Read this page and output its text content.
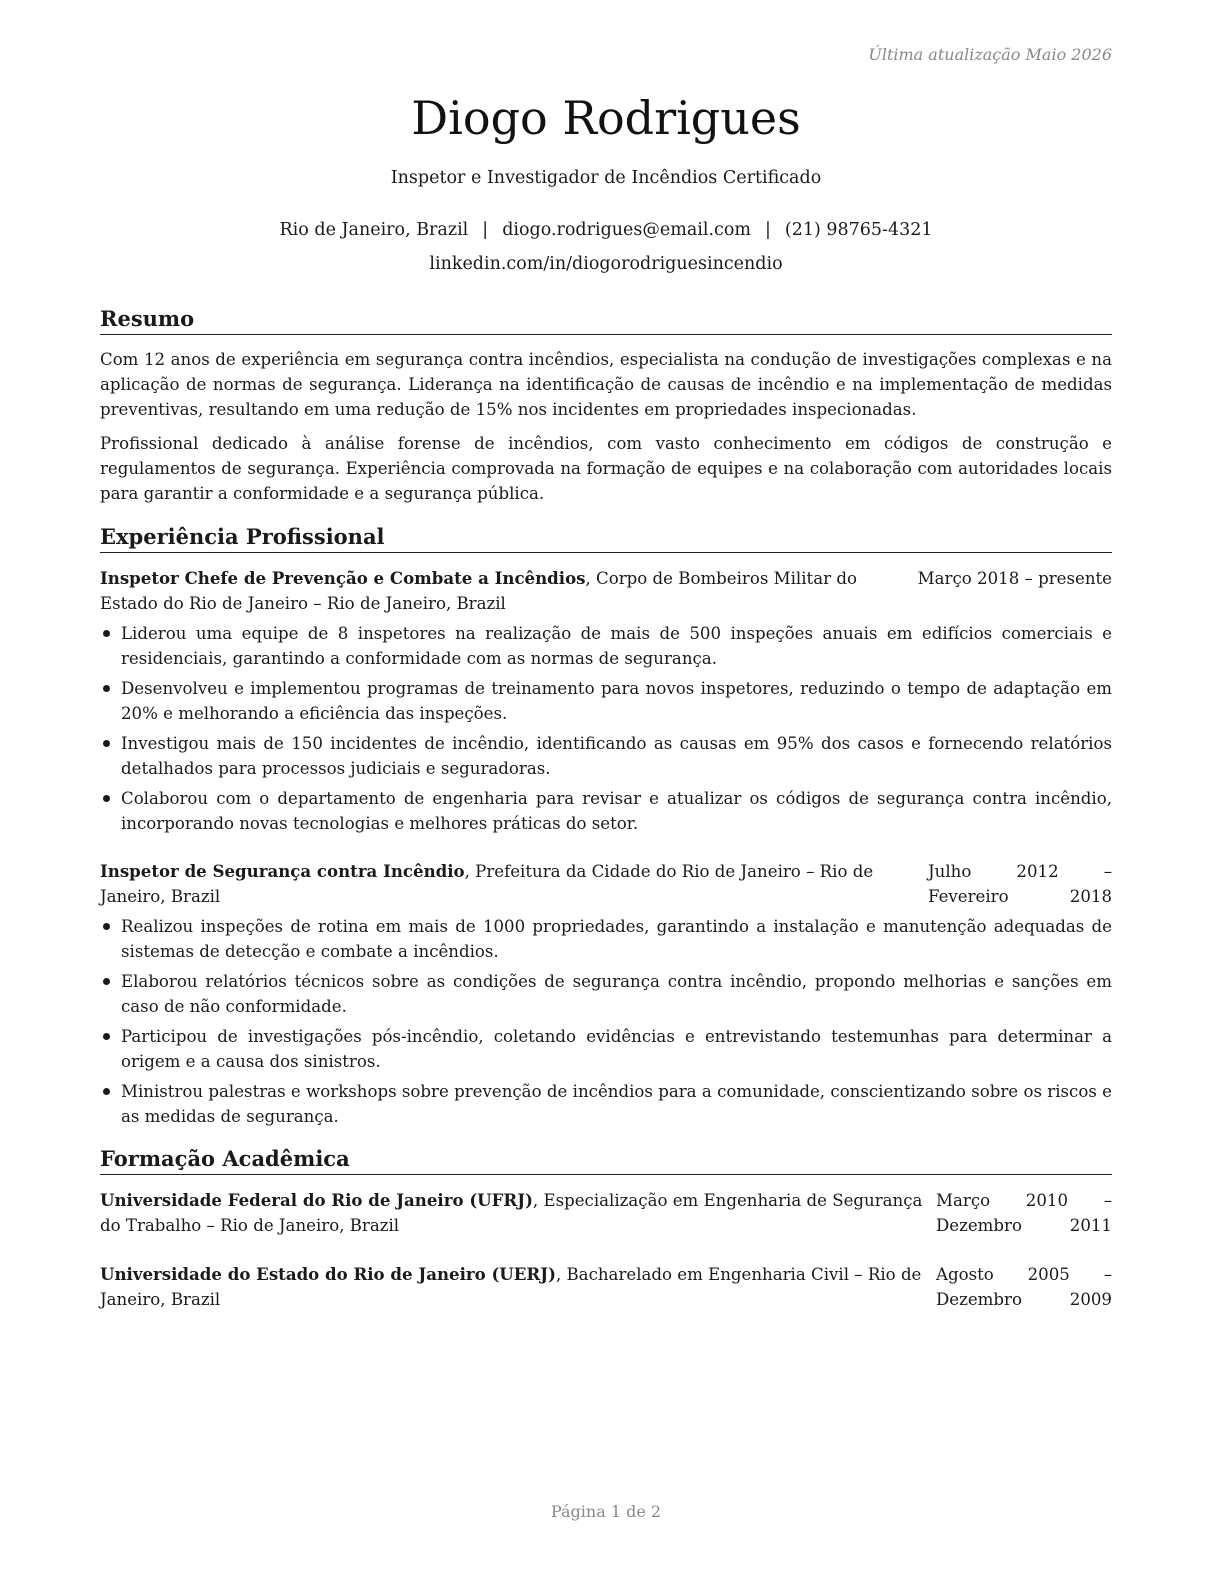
Última atualização Maio 2026
Diogo Rodrigues
Inspetor e Investigador de Incêndios Certificado
Rio de Janeiro, Brazil | diogo.rodrigues@email.com | (21) 98765-4321
linkedin.com/in/diogorodriguesincendio
Resumo
Com 12 anos de experiência em segurança contra incêndios, especialista na condução de investigações complexas e na aplicação de normas de segurança. Liderança na identificação de causas de incêndio e na implementação de medidas preventivas, resultando em uma redução de 15% nos incidentes em propriedades inspecionadas.
Profissional dedicado à análise forense de incêndios, com vasto conhecimento em códigos de construção e regulamentos de segurança. Experiência comprovada na formação de equipes e na colaboração com autoridades locais para garantir a conformidade e a segurança pública.
Experiência Profissional
Março 2018 – presente
Inspetor Chefe de Prevenção e Combate a Incêndios, Corpo de Bombeiros Militar do Estado do Rio de Janeiro – Rio de Janeiro, Brazil
Liderou uma equipe de 8 inspetores na realização de mais de 500 inspeções anuais em edifícios comerciais e residenciais, garantindo a conformidade com as normas de segurança.
Desenvolveu e implementou programas de treinamento para novos inspetores, reduzindo o tempo de adaptação em 20% e melhorando a eficiência das inspeções.
Investigou mais de 150 incidentes de incêndio, identificando as causas em 95% dos casos e fornecendo relatórios detalhados para processos judiciais e seguradoras.
Colaborou com o departamento de engenharia para revisar e atualizar os códigos de segurança contra incêndio, incorporando novas tecnologias e melhores práticas do setor.
Julho 2012 – Fevereiro 2018
Inspetor de Segurança contra Incêndio, Prefeitura da Cidade do Rio de Janeiro – Rio de Janeiro, Brazil
Realizou inspeções de rotina em mais de 1000 propriedades, garantindo a instalação e manutenção adequadas de sistemas de detecção e combate a incêndios.
Elaborou relatórios técnicos sobre as condições de segurança contra incêndio, propondo melhorias e sanções em caso de não conformidade.
Participou de investigações pós-incêndio, coletando evidências e entrevistando testemunhas para determinar a origem e a causa dos sinistros.
Ministrou palestras e workshops sobre prevenção de incêndios para a comunidade, conscientizando sobre os riscos e as medidas de segurança.
Formação Acadêmica
Março 2010 – Dezembro 2011
Universidade Federal do Rio de Janeiro (UFRJ), Especialização em Engenharia de Segurança do Trabalho – Rio de Janeiro, Brazil
Agosto 2005 – Dezembro 2009
Universidade do Estado do Rio de Janeiro (UERJ), Bacharelado em Engenharia Civil – Rio de Janeiro, Brazil
Página 1 de 2
